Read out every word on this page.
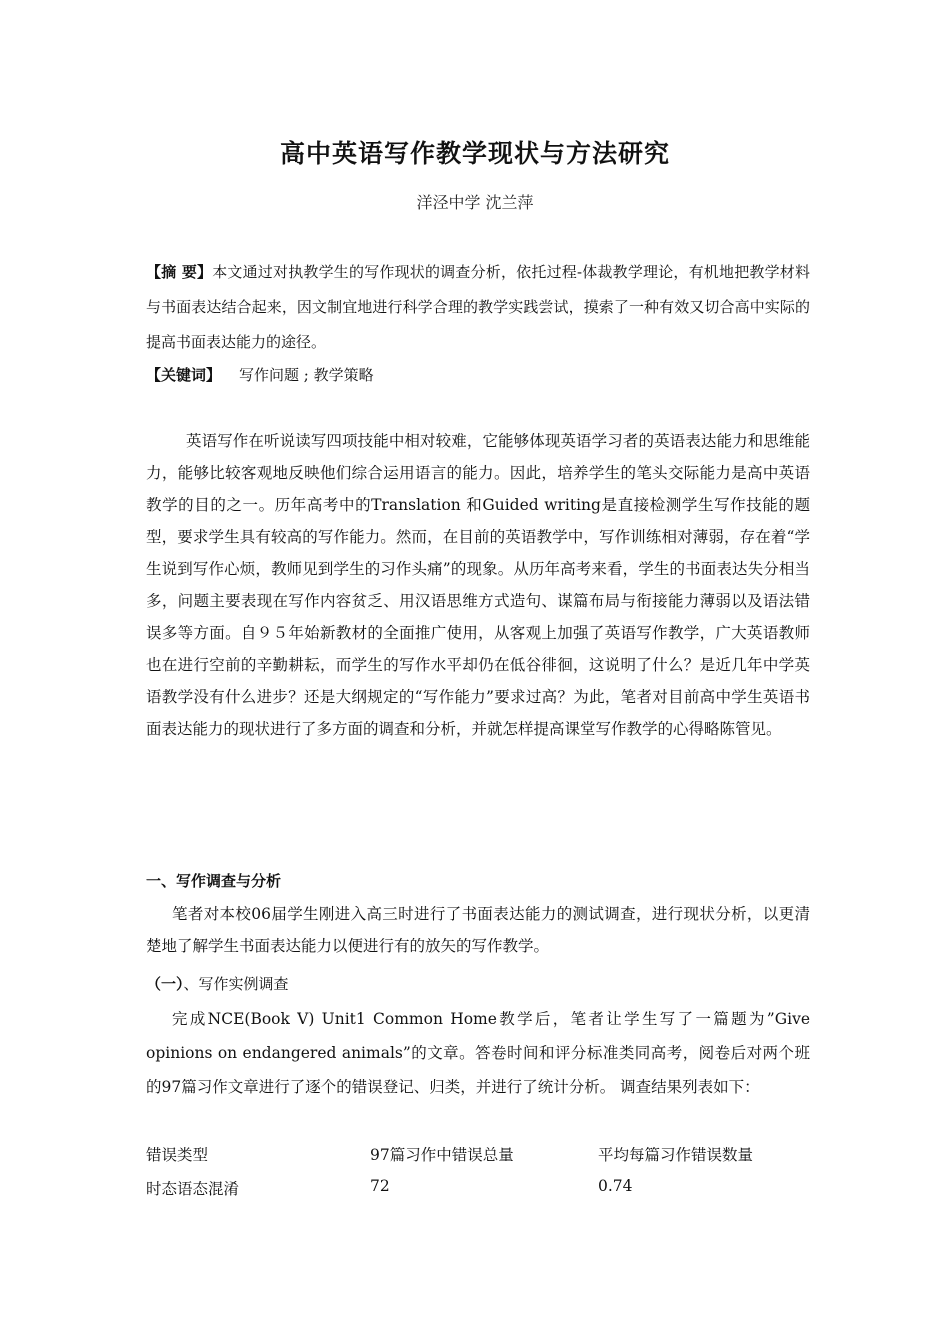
高中英语写作教学现状与方法研究
洋泾中学 沈兰萍
【摘 要】本文通过对执教学生的写作现状的调查分析，依托过程-体裁教学理论，有机地把教学材料与书面表达结合起来，因文制宜地进行科学合理的教学实践尝试，摸索了一种有效又切合高中实际的提高书面表达能力的途径。
【关键词】 写作问题 ; 教学策略
英语写作在听说读写四项技能中相对较难，它能够体现英语学习者的英语表达能力和思维能力，能够比较客观地反映他们综合运用语言的能力。因此，培养学生的笔头交际能力是高中英语教学的目的之一。历年高考中的Translation 和Guided writing是直接检测学生写作技能的题型，要求学生具有较高的写作能力。然而，在目前的英语教学中，写作训练相对薄弱，存在着“学生说到写作心烦，教师见到学生的习作头痛”的现象。从历年高考来看，学生的书面表达失分相当多，问题主要表现在写作内容贫乏、用汉语思维方式造句、谋篇布局与衔接能力薄弱以及语法错误多等方面。自９５年始新教材的全面推广使用，从客观上加强了英语写作教学，广大英语教师也在进行空前的辛勤耕耘，而学生的写作水平却仍在低谷徘徊，这说明了什么？是近几年中学英语教学没有什么进步？还是大纲规定的“写作能力”要求过高？为此，笔者对目前高中学生英语书面表达能力的现状进行了多方面的调查和分析，并就怎样提高课堂写作教学的心得略陈管见。
一、写作调查与分析
笔者对本校06届学生刚进入高三时进行了书面表达能力的测试调查，进行现状分析，以更清楚地了解学生书面表达能力以便进行有的放矢的写作教学。
（一）、写作实例调查
完成NCE(Book V) Unit1 Common Home教学后，笔者让学生写了一篇题为”Give opinions on endangered animals”的文章。答卷时间和评分标准类同高考，阅卷后对两个班的97篇习作文章进行了逐个的错误登记、归类，并进行了统计分析。 调查结果列表如下：
错误类型	97篇习作中错误总量	平均每篇习作错误数量
时态语态混淆	72	0.74
